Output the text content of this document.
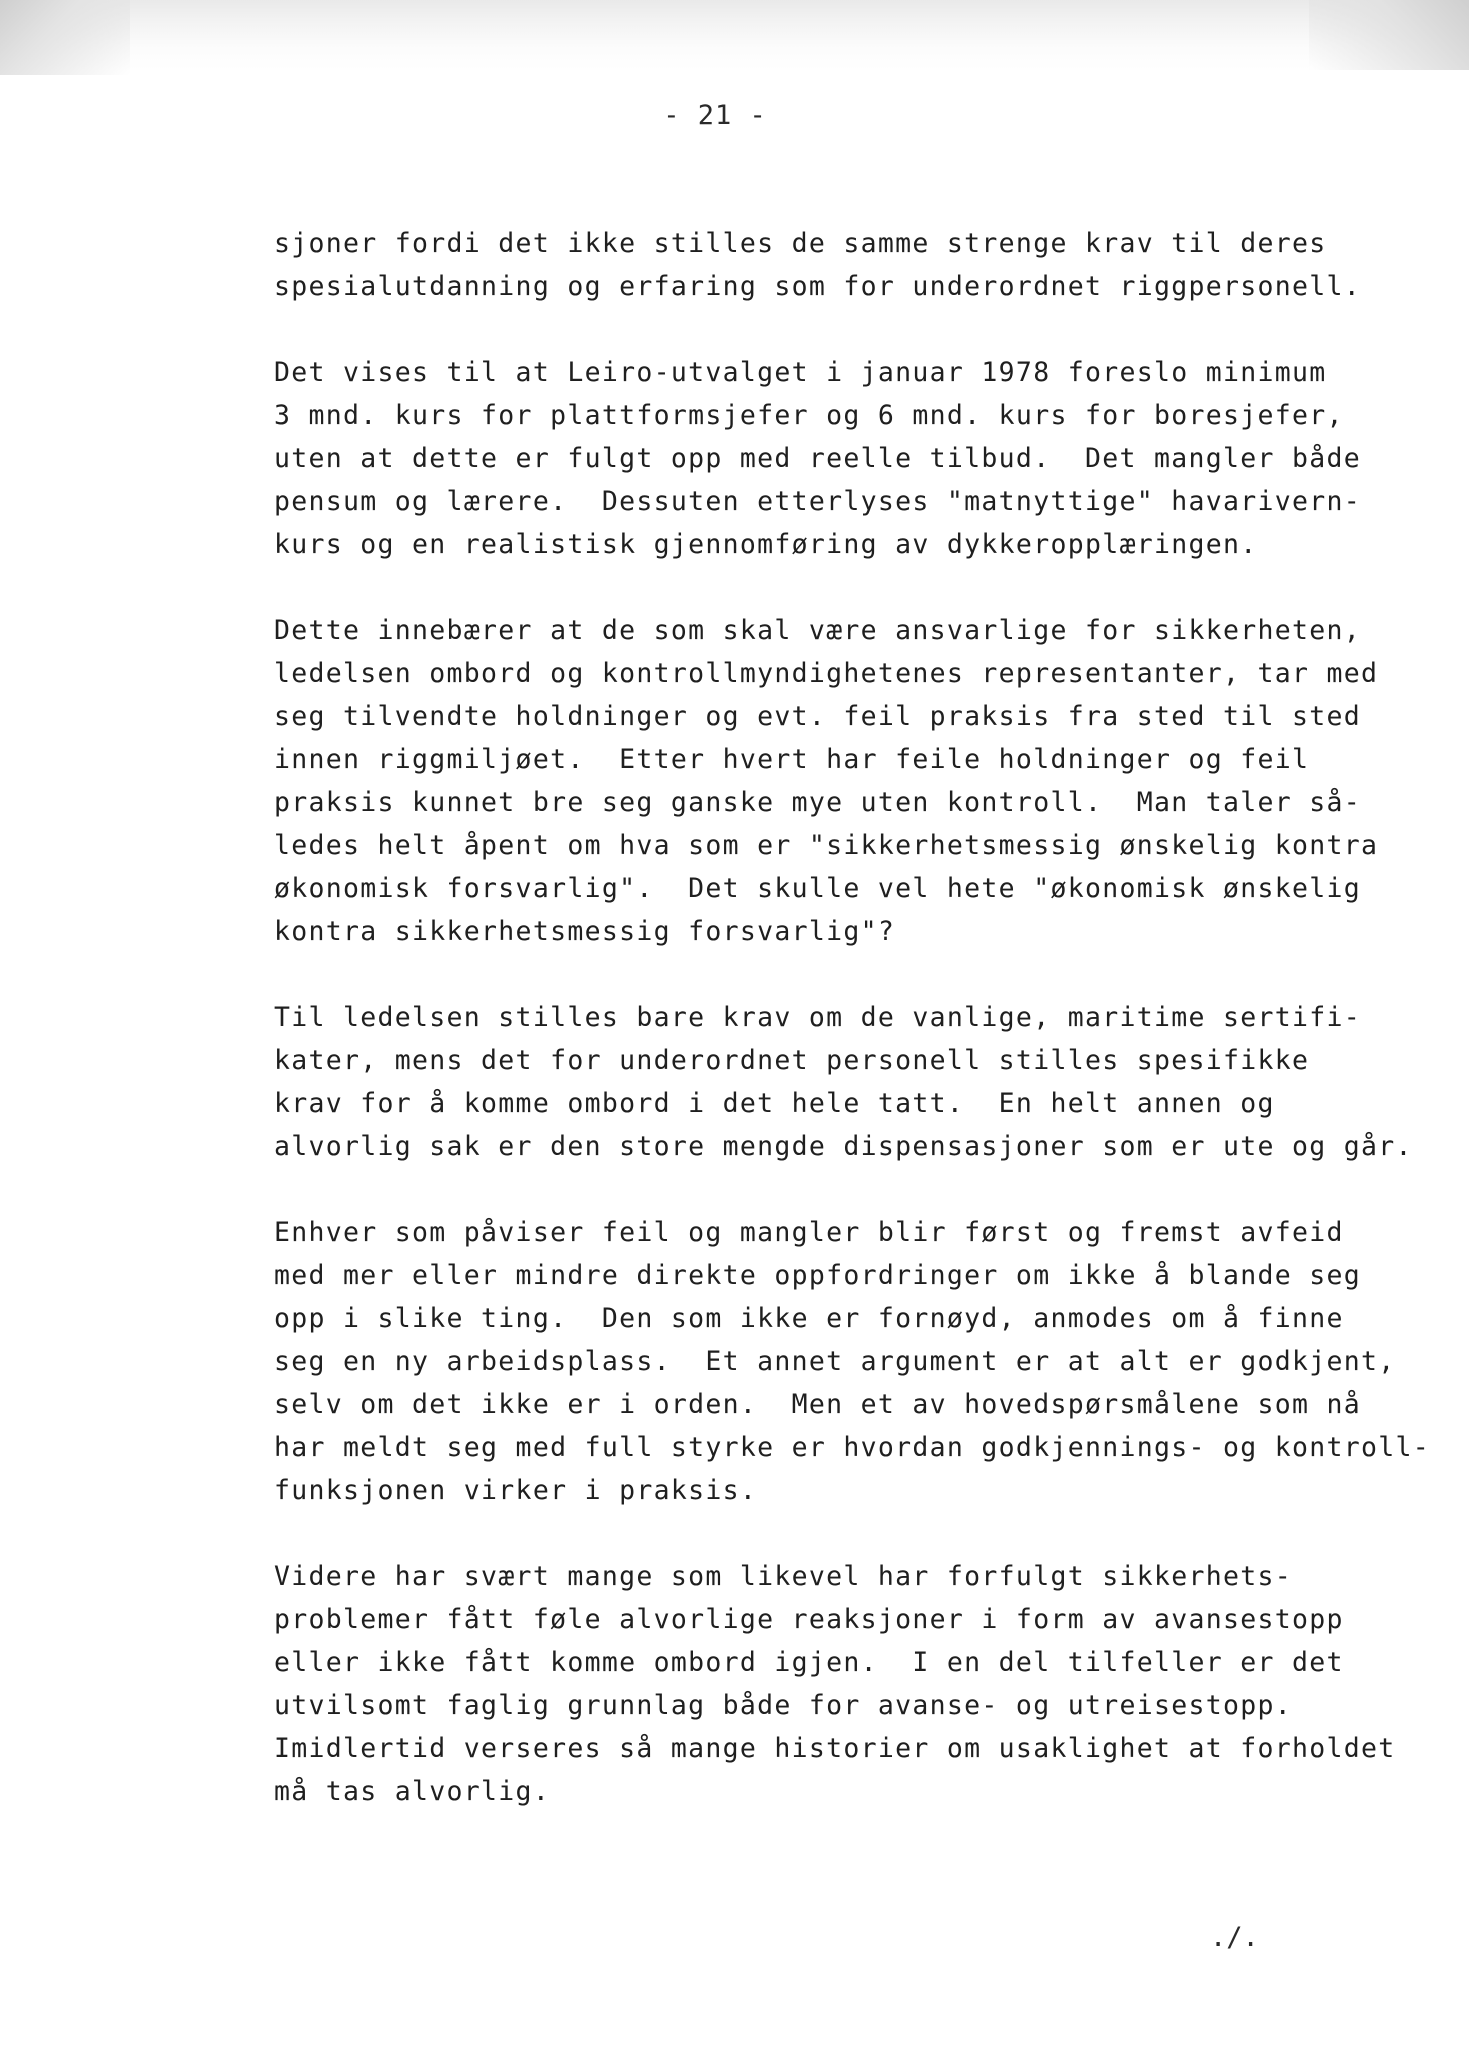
- 21 -
sjoner fordi det ikke stilles de samme strenge krav til deres
spesialutdanning og erfaring som for underordnet riggpersonell.
Det vises til at Leiro-utvalget i januar 1978 foreslo minimum
3 mnd. kurs for plattformsjefer og 6 mnd. kurs for boresjefer,
uten at dette er fulgt opp med reelle tilbud.  Det mangler både
pensum og lærere.  Dessuten etterlyses "matnyttige" havarivern-
kurs og en realistisk gjennomføring av dykkeropplæringen.
Dette innebærer at de som skal være ansvarlige for sikkerheten,
ledelsen ombord og kontrollmyndighetenes representanter, tar med
seg tilvendte holdninger og evt. feil praksis fra sted til sted
innen riggmiljøet.  Etter hvert har feile holdninger og feil
praksis kunnet bre seg ganske mye uten kontroll.  Man taler så-
ledes helt åpent om hva som er "sikkerhetsmessig ønskelig kontra
økonomisk forsvarlig".  Det skulle vel hete "økonomisk ønskelig
kontra sikkerhetsmessig forsvarlig"?
Til ledelsen stilles bare krav om de vanlige, maritime sertifi-
kater, mens det for underordnet personell stilles spesifikke
krav for å komme ombord i det hele tatt.  En helt annen og
alvorlig sak er den store mengde dispensasjoner som er ute og går.
Enhver som påviser feil og mangler blir først og fremst avfeid
med mer eller mindre direkte oppfordringer om ikke å blande seg
opp i slike ting.  Den som ikke er fornøyd, anmodes om å finne
seg en ny arbeidsplass.  Et annet argument er at alt er godkjent,
selv om det ikke er i orden.  Men et av hovedspørsmålene som nå
har meldt seg med full styrke er hvordan godkjennings- og kontroll-
funksjonen virker i praksis.
Videre har svært mange som likevel har forfulgt sikkerhets-
problemer fått føle alvorlige reaksjoner i form av avansestopp
eller ikke fått komme ombord igjen.  I en del tilfeller er det
utvilsomt faglig grunnlag både for avanse- og utreisestopp.
Imidlertid verseres så mange historier om usaklighet at forholdet
må tas alvorlig.
./.
